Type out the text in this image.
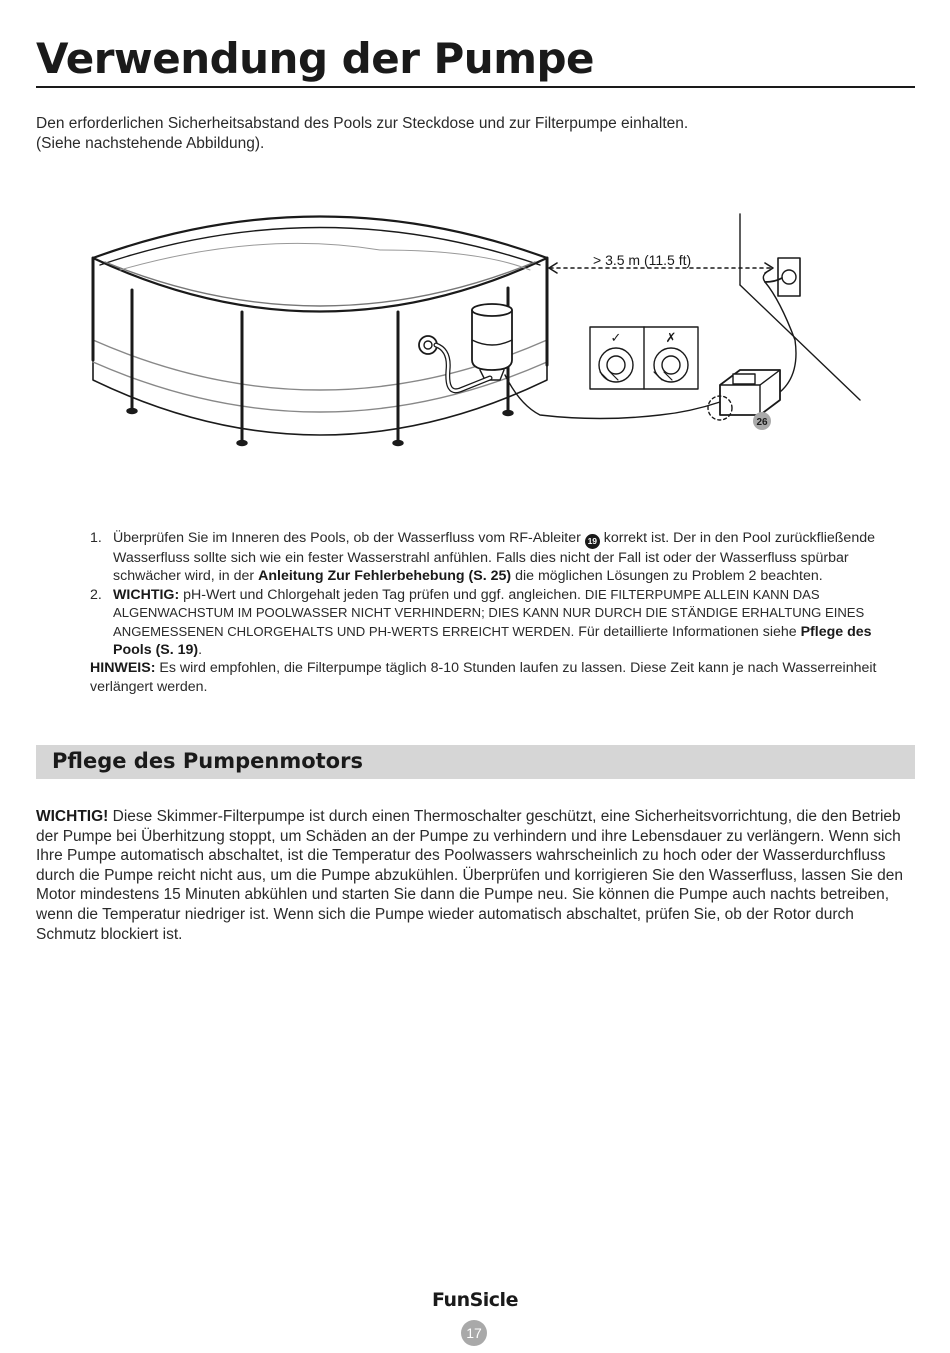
Verwendung der Pumpe

Den erforderlichen Sicherheitsabstand des Pools zur Steckdose und zur Filterpumpe einhalten.

(Siehe nachstehende Abbildung).

> 3.5 m (11.5 ft)
26
✓	✗
1. Überprüfen Sie im Inneren des Pools, ob der Wasserfluss vom RF-Ableiter 19 korrekt ist. Der in den Pool zurückfließende Wasserfluss sollte sich wie ein fester Wasserstrahl anfühlen. Falls dies nicht der Fall ist oder der Wasserfluss spürbar schwächer wird, in der Anleitung Zur Fehlerbehebung (S. 25) die möglichen Lösungen zu Problem 2 beachten.
2. WICHTIG: pH-Wert und Chlorgehalt jeden Tag prüfen und ggf. angleichen. DIE FILTERPUMPE ALLEIN KANN DAS ALGENWACHSTUM IM POOLWASSER NICHT VERHINDERN; DIES KANN NUR DURCH DIE STÄNDIGE ERHALTUNG EINES ANGEMESSENEN CHLORGEHALTS UND PH-WERTS ERREICHT WERDEN. Für detaillierte Informationen siehe Pflege des Pools (S. 19).

HINWEIS: Es wird empfohlen, die Filterpumpe täglich 8-10 Stunden laufen zu lassen. Diese Zeit kann je nach Wasserreinheit verlängert werden.

Pflege des Pumpenmotors

WICHTIG! Diese Skimmer-Filterpumpe ist durch einen Thermoschalter geschützt, eine Sicherheitsvorrichtung, die den Betrieb der Pumpe bei Überhitzung stoppt, um Schäden an der Pumpe zu verhindern und ihre Lebensdauer zu verlängern. Wenn sich Ihre Pumpe automatisch abschaltet, ist die Temperatur des Poolwassers wahrscheinlich zu hoch oder der Wasserdurchfluss durch die Pumpe reicht nicht aus, um die Pumpe abzukühlen. Überprüfen und korrigieren Sie den Wasserfluss, lassen Sie den Motor mindestens 15 Minuten abkühlen und starten Sie dann die Pumpe neu. Sie können die Pumpe auch nachts betreiben, wenn die Temperatur niedriger ist. Wenn sich die Pumpe wieder automatisch abschaltet, prüfen Sie, ob der Rotor durch Schmutz blockiert ist.

FunSicle
17
